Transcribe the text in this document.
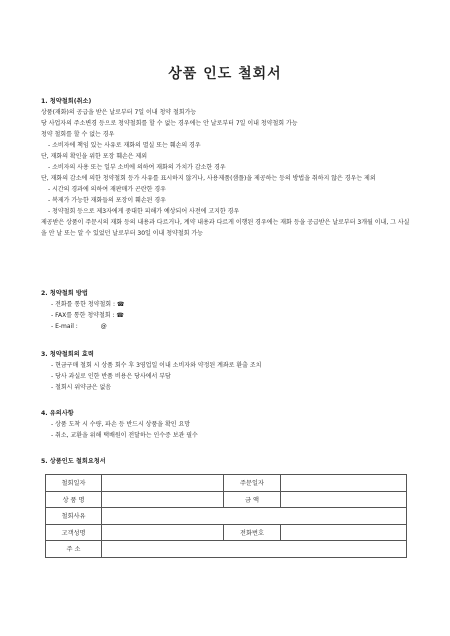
상품 인도 철회서
1. 청약철회(취소)
상품(재화)의 공급을 받은 날로부터 7일 이내 청약 철회가능
당 사업자의 주소변경 등으로 청약철회를 할 수 없는 경우에는 안 날로부터 7일 이내 청약철회 가능
청약 철회를 할 수 없는 경우
- 소비자에 책임 있는 사유로 재화의 멸실 또는 훼손의 경우
단, 재화의 확인을 위한 포장 훼손은 제외
- 소비자의 사용 또는 일부 소비에 의하여 재화의 가치가 감소한 경우
단, 재화의 감소에 의한 청약철회 등가 사유를 표시하지 않거나, 사용제품(샘플)을 제공하는 등의 방법을 취하지 않은 경우는 제외
- 시간의 경과에 의하여 재판매가 곤란한 경우
- 복제가 가능한 재화들의 포장이 훼손된 경우
- 청약철회 등으로 제3자에게 중대한 피해가 예상되어 사전에 고지한 경우
제공받은 상품이 주문시의 재화 등의 내용과 다르거나, 계약 내용과 다르게 이행된 경우에는 재화 등을 공급받은 날로부터 3개월 이내, 그 사실을 안 날 또는 알 수 있었던 날로부터 30일 이내 청약철회 가능
2. 청약철회 방법
- 전화를 통한 청약철회 : ☎
- FAX를 통한 청약철회 : ☎
- E-mail :            @
3. 청약철회의 효력
- 현금구매 철회 시 상품 회수 후 3영업일 이내 소비자와 약정된 계좌로 환출 조치
- 당사 과실로 인한 반품 비용은 당사에서 부담
- 철회시 위약금은 없음
4. 유의사항
- 상품 도착 시 수량, 파손 등 반드시 상품을 확인 요망
- 취소, 교환을 위해 택배원이 전달하는 인수증 보관 필수
5. 상품인도 철회요청서
철회일자		주문일자	
상 품 명		금 액	
철회사유			
고객성명		전화번호	
주 소			
